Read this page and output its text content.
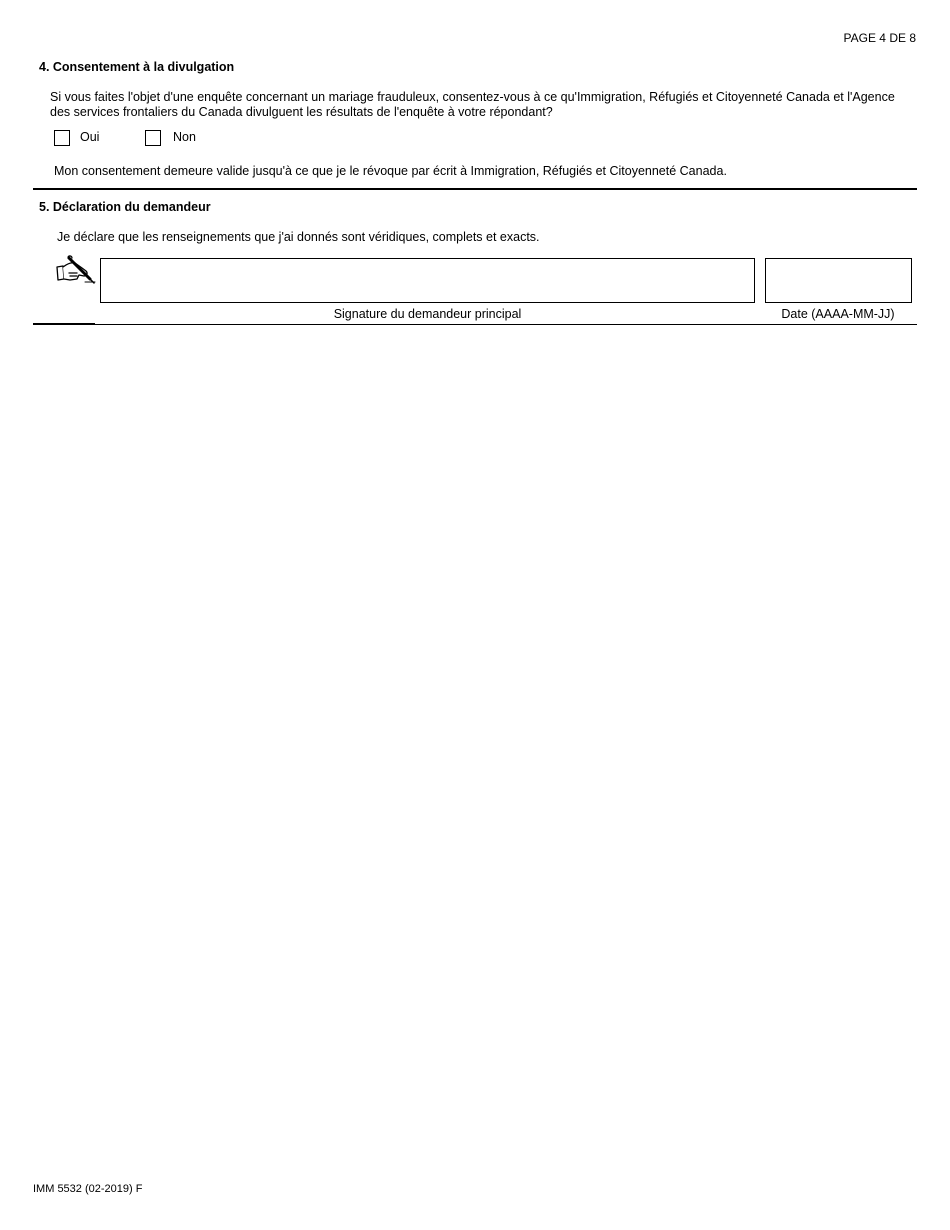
PAGE 4 DE 8
4. Consentement à la divulgation
Si vous faites l'objet d'une enquête concernant un mariage frauduleux, consentez-vous à ce qu'Immigration, Réfugiés et Citoyenneté Canada et l'Agence des services frontaliers du Canada divulguent les résultats de l'enquête à votre répondant?
Oui	Non
Mon consentement demeure valide jusqu'à ce que je le révoque par écrit à Immigration, Réfugiés et Citoyenneté Canada.
5. Déclaration du demandeur
Je déclare que les renseignements que j'ai donnés sont véridiques, complets et exacts.
Signature du demandeur principal	Date (AAAA-MM-JJ)
IMM 5532 (02-2019) F
